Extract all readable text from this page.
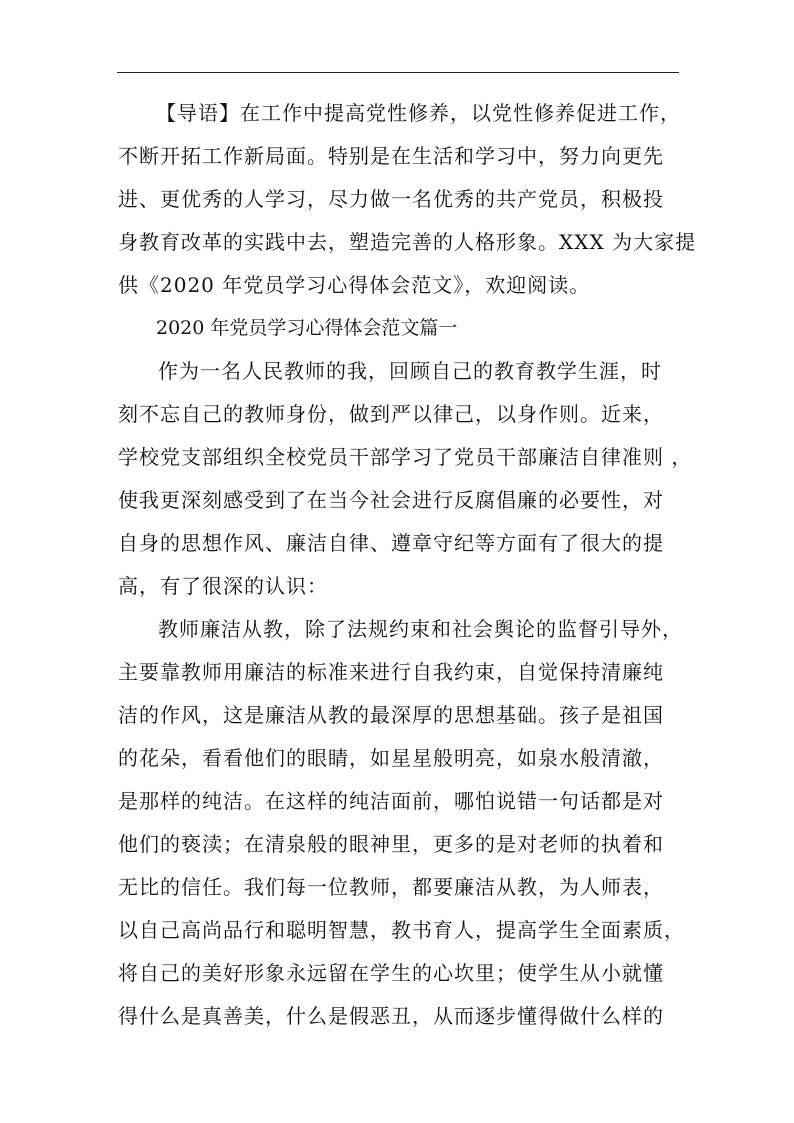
【导语】在工作中提高党性修养，以党性修养促进工作，
不断开拓工作新局面。特别是在生活和学习中，努力向更先
进、更优秀的人学习，尽力做一名优秀的共产党员，积极投
身教育改革的实践中去，塑造完善的人格形象。XXX 为大家提
供《2020 年党员学习心得体会范文》，欢迎阅读。

2020 年党员学习心得体会范文篇一

作为一名人民教师的我，回顾自己的教育教学生涯，时
刻不忘自己的教师身份，做到严以律己，以身作则。近来，
学校党支部组织全校党员干部学习了党员干部廉洁自律准则 ，
使我更深刻感受到了在当今社会进行反腐倡廉的必要性，对
自身的思想作风、廉洁自律、遵章守纪等方面有了很大的提
高，有了很深的认识：

教师廉洁从教，除了法规约束和社会舆论的监督引导外，
主要靠教师用廉洁的标准来进行自我约束，自觉保持清廉纯
洁的作风，这是廉洁从教的最深厚的思想基础。孩子是祖国
的花朵，看看他们的眼睛，如星星般明亮，如泉水般清澈，
是那样的纯洁。在这样的纯洁面前，哪怕说错一句话都是对
他们的亵渎；在清泉般的眼神里，更多的是对老师的执着和
无比的信任。我们每一位教师，都要廉洁从教，为人师表，
以自己高尚品行和聪明智慧，教书育人，提高学生全面素质，
将自己的美好形象永远留在学生的心坎里；使学生从小就懂
得什么是真善美，什么是假恶丑，从而逐步懂得做什么样的
